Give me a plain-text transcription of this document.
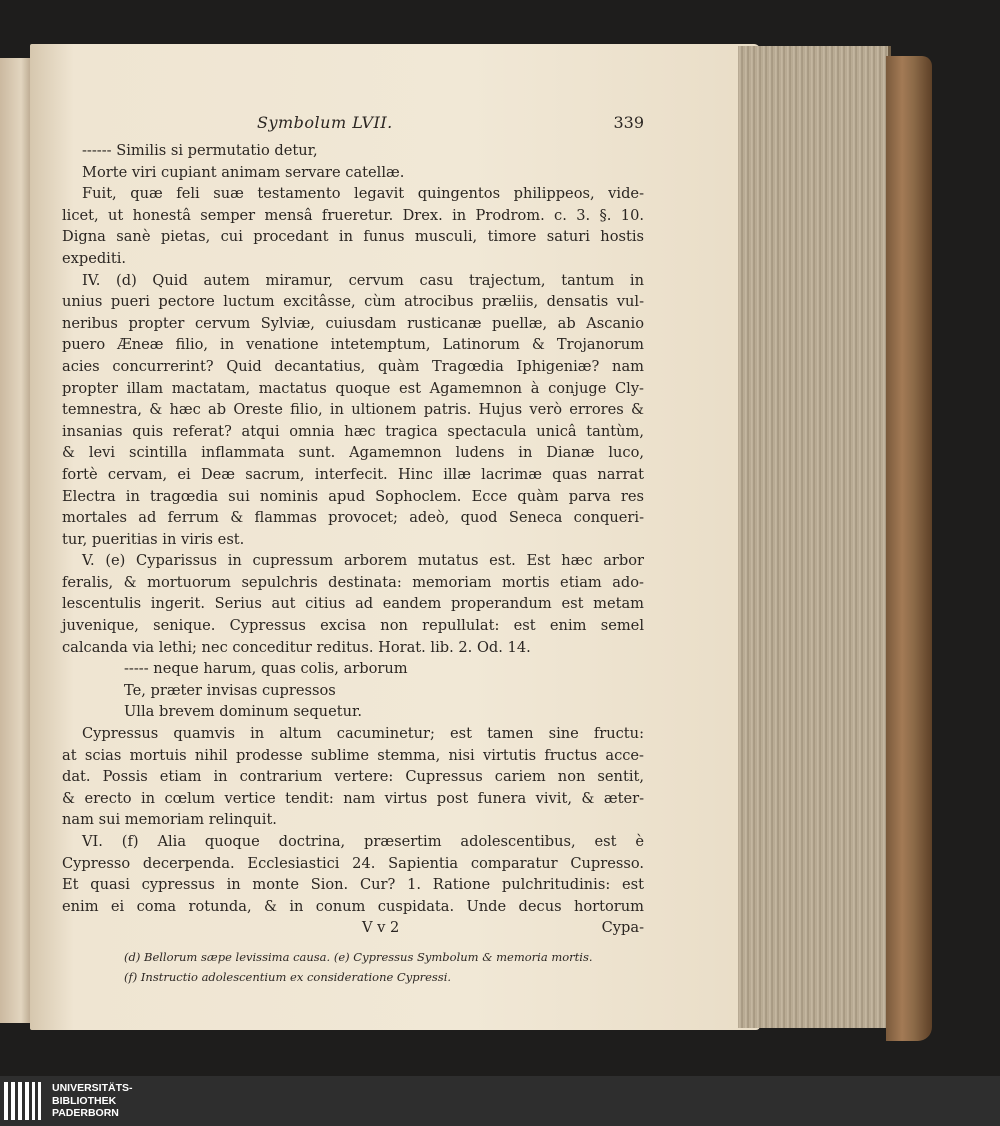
Symbolum LVII.	339
------ Similis si permutatio detur,
Morte viri cupiant animam servare catellæ.
Fuit, quæ feli suæ testamento legavit quingentos philippeos, vide-
licet, ut honestâ semper mensâ frueretur. Drex. in Prodrom. c. 3. §. 10.
Digna sanè pietas, cui procedant in funus musculi, timore saturi hostis
expediti.
IV. (d) Quid autem miramur, cervum casu trajectum, tantum in
unius pueri pectore luctum excitâsse, cùm atrocibus præliis, densatis vul-
neribus propter cervum Sylviæ, cuiusdam rusticanæ puellæ, ab Ascanio
puero Æneæ filio, in venatione intetemptum, Latinorum & Trojanorum
acies concurrerint? Quid decantatius, quàm Tragœdia Iphigeniæ? nam
propter illam mactatam, mactatus quoque est Agamemnon à conjuge Cly-
temnestra, & hæc ab Oreste filio, in ultionem patris. Hujus verò errores &
insanias quis referat? atqui omnia hæc tragica spectacula unicâ tantùm,
& levi scintilla inflammata sunt. Agamemnon ludens in Dianæ luco,
fortè cervam, ei Deæ sacrum, interfecit. Hinc illæ lacrimæ quas narrat
Electra in tragœdia sui nominis apud Sophoclem. Ecce quàm parva res
mortales ad ferrum & flammas provocet; adeò, quod Seneca conqueri-
tur, pueritias in viris est.
V. (e) Cyparissus in cupressum arborem mutatus est. Est hæc arbor
feralis, & mortuorum sepulchris destinata: memoriam mortis etiam ado-
lescentulis ingerit. Serius aut citius ad eandem properandum est metam
juvenique, senique. Cypressus excisa non repullulat: est enim semel
calcanda via lethi; nec conceditur reditus. Horat. lib. 2. Od. 14.
----- neque harum, quas colis, arborum
Te, præter invisas cupressos
Ulla brevem dominum sequetur.
Cypressus quamvis in altum cacuminetur; est tamen sine fructu:
at scias mortuis nihil prodesse sublime stemma, nisi virtutis fructus acce-
dat. Possis etiam in contrarium vertere: Cupressus cariem non sentit,
& erecto in cœlum vertice tendit: nam virtus post funera vivit, & æter-
nam sui memoriam relinquit.
VI. (f) Alia quoque doctrina, præsertim adolescentibus, est è
Cypresso decerpenda. Ecclesiastici 24. Sapientia comparatur Cupresso.
Et quasi cypressus in monte Sion. Cur? 1. Ratione pulchritudinis: est
enim ei coma rotunda, & in conum cuspidata. Unde decus hortorum
V v 2	Cypa-
(d) Bellorum sæpe levissima causa. (e) Cypressus Symbolum & memoria mortis.
(f) Instructio adolescentium ex consideratione Cypressi.
UNIVERSITÄTS-
BIBLIOTHEK
PADERBORN
